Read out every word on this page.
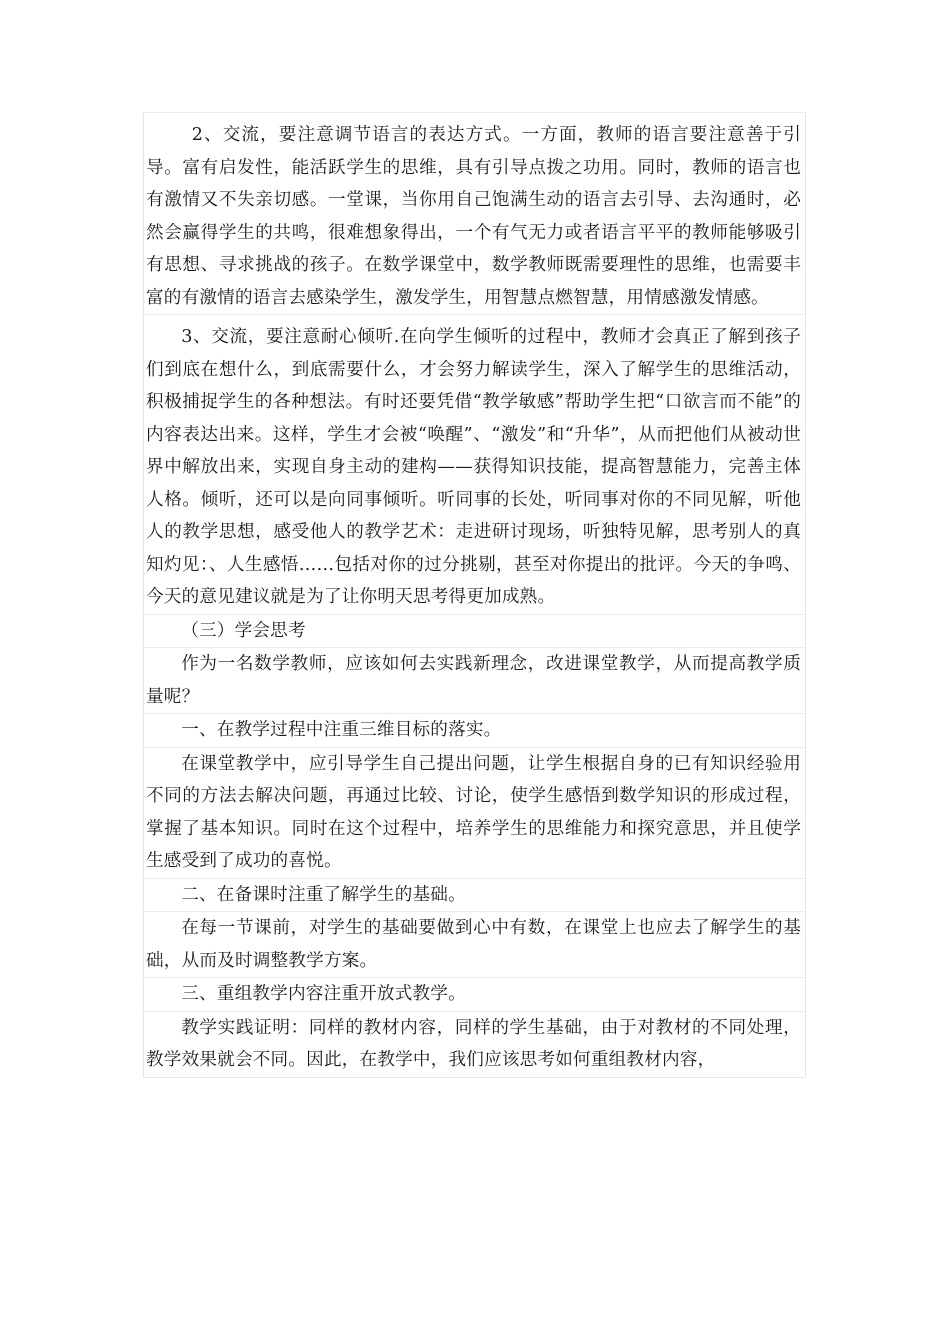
2、交流，要注意调节语言的表达方式。一方面，教师的语言要注意善于引导。富有启发性，能活跃学生的思维，具有引导点拨之功用。同时，教师的语言也有激情又不失亲切感。一堂课，当你用自己饱满生动的语言去引导、去沟通时，必然会赢得学生的共鸣，很难想象得出，一个有气无力或者语言平平的教师能够吸引有思想、寻求挑战的孩子。在数学课堂中，数学教师既需要理性的思维，也需要丰富的有激情的语言去感染学生，激发学生，用智慧点燃智慧，用情感激发情感。

3、交流，要注意耐心倾听.在向学生倾听的过程中，教师才会真正了解到孩子们到底在想什么，到底需要什么，才会努力解读学生，深入了解学生的思维活动，积极捕捉学生的各种想法。有时还要凭借“教学敏感”帮助学生把“口欲言而不能”的内容表达出来。这样，学生才会被“唤醒”、“激发”和“升华”，从而把他们从被动世界中解放出来，实现自身主动的建构——获得知识技能，提高智慧能力，完善主体人格。倾听，还可以是向同事倾听。听同事的长处，听同事对你的不同见解，听他人的教学思想，感受他人的教学艺术：走进研讨现场，听独特见解，思考别人的真知灼见：、人生感悟……包括对你的过分挑剔，甚至对你提出的批评。今天的争鸣、今天的意见建议就是为了让你明天思考得更加成熟。

（三）学会思考

作为一名数学教师，应该如何去实践新理念，改进课堂教学，从而提高教学质量呢？

一、在教学过程中注重三维目标的落实。

在课堂教学中，应引导学生自己提出问题，让学生根据自身的已有知识经验用不同的方法去解决问题，再通过比较、讨论，使学生感悟到数学知识的形成过程，掌握了基本知识。同时在这个过程中，培养学生的思维能力和探究意思，并且使学生感受到了成功的喜悦。

二、在备课时注重了解学生的基础。

在每一节课前，对学生的基础要做到心中有数，在课堂上也应去了解学生的基础，从而及时调整教学方案。

三、重组教学内容注重开放式教学。

教学实践证明：同样的教材内容，同样的学生基础，由于对教材的不同处理，教学效果就会不同。因此，在教学中，我们应该思考如何重组教材内容，
